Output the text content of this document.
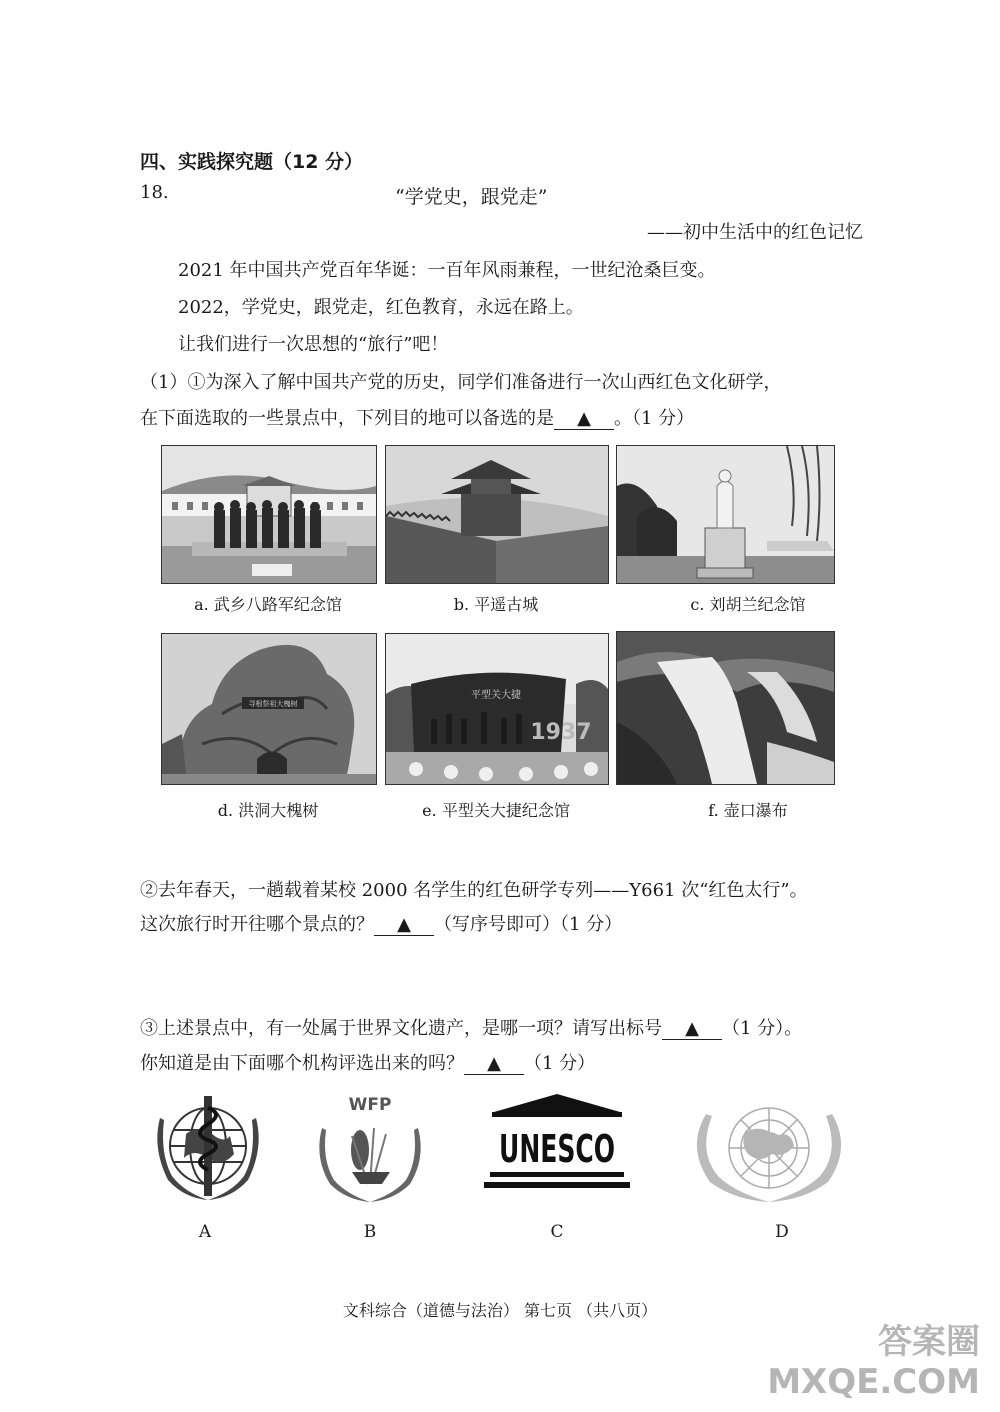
四、实践探究题（12 分）
18.	“学党史，跟党走”
——初中生活中的红色记忆
2021 年中国共产党百年华诞：一百年风雨兼程，一世纪沧桑巨变。
2022，学党史，跟党走，红色教育，永远在路上。
让我们进行一次思想的“旅行”吧！
（1）①为深入了解中国共产党的历史，同学们准备进行一次山西红色文化研学，
在下面选取的一些景点中，下列目的地可以备选的是 ▲ 。（1 分）
a. 武乡八路军纪念馆	b. 平遥古城	c. 刘胡兰纪念馆
寻根祭祖大槐树
平型关大捷
1937
d. 洪洞大槐树	e. 平型关大捷纪念馆	f. 壶口瀑布
②去年春天，一趟载着某校 2000 名学生的红色研学专列——Y661 次“红色太行”。
这次旅行时开往哪个景点的？ ▲ （写序号即可）（1 分）
③上述景点中，有一处属于世界文化遗产，是哪一项？请写出标号 ▲ （1 分）。
你知道是由下面哪个机构评选出来的吗？ ▲ （1 分）
WFP
UNESCO
A	B	C	D
文科综合（道德与法治） 第七页 （共八页）
答案圈
MXQE.COM
